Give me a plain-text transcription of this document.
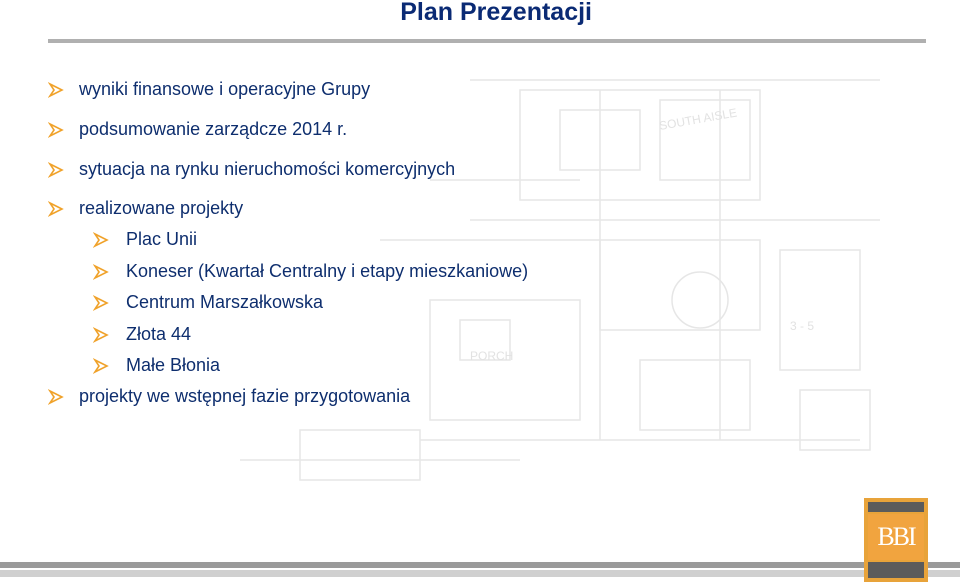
SOUTH AISLE
3 - 5
PORCH
Plan Prezentacji
wyniki finansowe i operacyjne Grupy
podsumowanie zarządcze 2014 r.
sytuacja na rynku nieruchomości komercyjnych
realizowane projekty
Plac Unii
Koneser (Kwartał Centralny i etapy mieszkaniowe)
Centrum Marszałkowska
Złota 44
Małe Błonia
projekty we wstępnej fazie przygotowania
BBI
